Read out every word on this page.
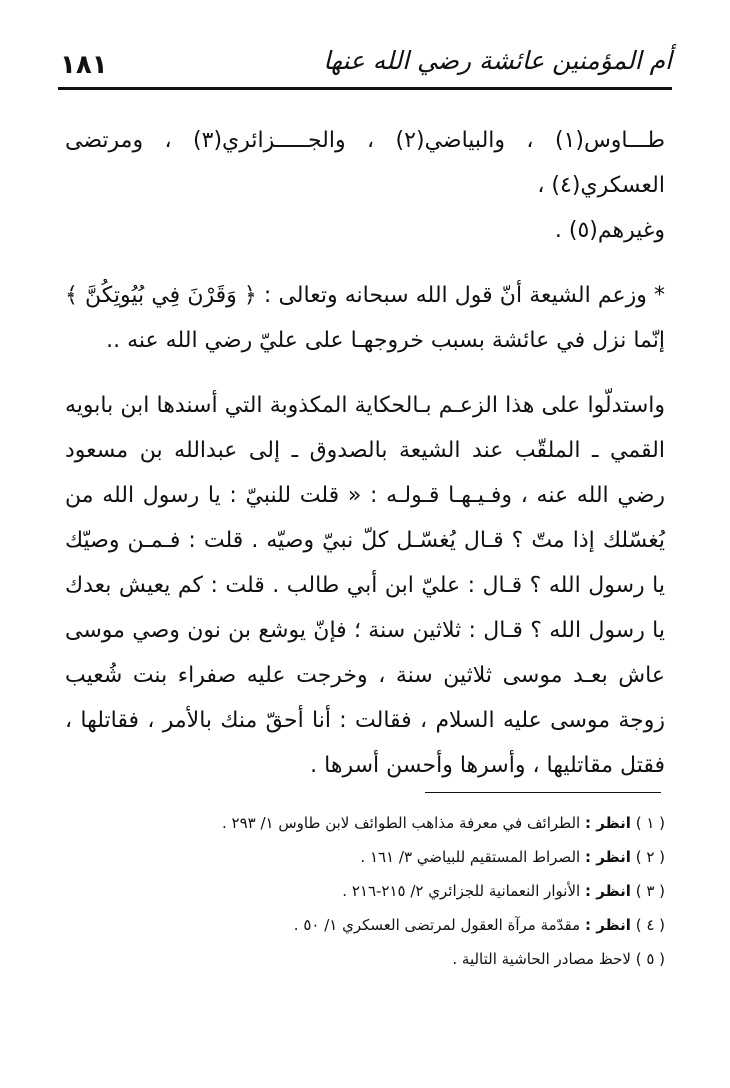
أم المؤمنين عائشة رضي الله عنها
١٨١

طـــاوس(١) ، والبياضي(٢) ، والجـــــزائري(٣) ، ومرتضى العسكري(٤) ،

وغيرهم(٥) .

* وزعم الشيعة أنّ قول الله سبحانه وتعالى : ﴿ وَقَرْنَ فِي بُيُوتِكُنَّ ﴾ إنّما نزل في عائشة بسبب خروجهـا على عليّ رضي الله عنه ..

واستدلّوا على هذا الزعـم بـالحكاية المكذوبة التي أسندها ابن بابويه القمي ـ الملقّب عند الشيعة بالصدوق ـ إلى عبدالله بن مسعود رضي الله عنه ، وفـيـهـا قـولـه : « قلت للنبيّ : يا رسول الله من يُغسّلك إذا متّ ؟ قـال يُغسّـل كلّ نبيّ وصيّه . قلت : فـمـن وصيّك يا رسول الله ؟ قـال : عليّ ابن أبي طالب . قلت : كم يعيش بعدك يا رسول الله ؟ قـال : ثلاثين سنة ؛ فإنّ يوشع بن نون وصي موسى عاش بعـد موسى ثلاثين سنة ، وخرجت عليه صفراء بنت شُعيب زوجة موسى عليه السلام ، فقالت : أنا أحقّ منك بالأمر ، فقاتلها ، فقتل مقاتليها ، وأسرها وأحسن أسرها .

( ١ ) انظر : الطرائف في معرفة مذاهب الطوائف لابن طاوس ١/ ٢٩٣ .
( ٢ ) انظر : الصراط المستقيم للبياضي ٣/ ١٦١ .
( ٣ ) انظر : الأنوار النعمانية للجزائري ٢/ ٢١٥-٢١٦ .
( ٤ ) انظر : مقدّمة مرآة العقول لمرتضى العسكري ١/ ٥٠ .
( ٥ ) لاحظ مصادر الحاشية التالية .
